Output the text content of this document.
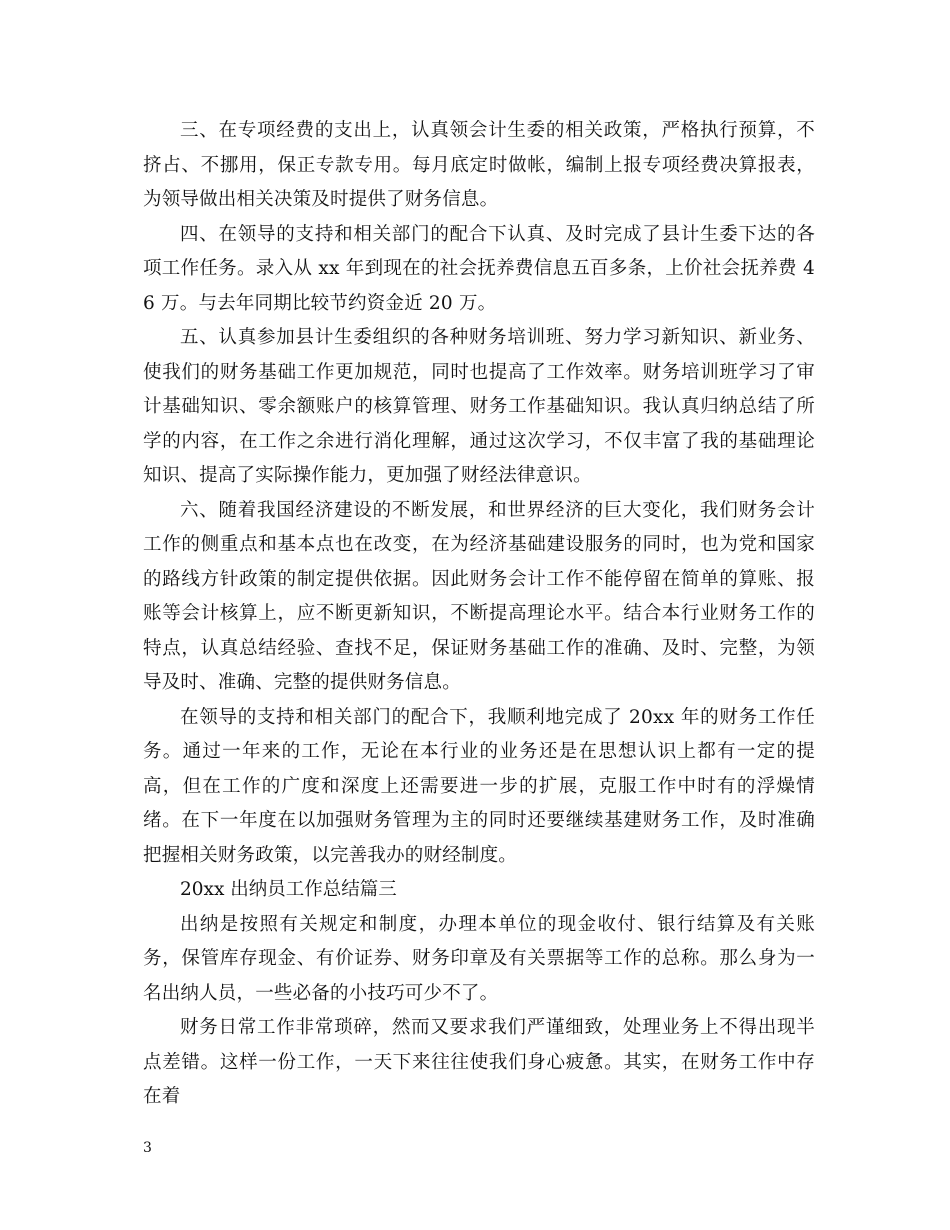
三、在专项经费的支出上，认真领会计生委的相关政策，严格执行预算，不挤占、不挪用，保正专款专用。每月底定时做帐，编制上报专项经费决算报表，为领导做出相关决策及时提供了财务信息。

四、在领导的支持和相关部门的配合下认真、及时完成了县计生委下达的各项工作任务。录入从 xx 年到现在的社会抚养费信息五百多条，上价社会抚养费 46 万。与去年同期比较节约资金近 20 万。

五、认真参加县计生委组织的各种财务培训班、努力学习新知识、新业务、使我们的财务基础工作更加规范，同时也提高了工作效率。财务培训班学习了审计基础知识、零余额账户的核算管理、财务工作基础知识。我认真归纳总结了所学的内容，在工作之余进行消化理解，通过这次学习，不仅丰富了我的基础理论知识、提高了实际操作能力，更加强了财经法律意识。

六、随着我国经济建设的不断发展，和世界经济的巨大变化，我们财务会计工作的侧重点和基本点也在改变，在为经济基础建设服务的同时，也为党和国家的路线方针政策的制定提供依据。因此财务会计工作不能停留在简单的算账、报账等会计核算上，应不断更新知识，不断提高理论水平。结合本行业财务工作的特点，认真总结经验、查找不足，保证财务基础工作的准确、及时、完整，为领导及时、准确、完整的提供财务信息。

在领导的支持和相关部门的配合下，我顺利地完成了 20xx 年的财务工作任务。通过一年来的工作，无论在本行业的业务还是在思想认识上都有一定的提高，但在工作的广度和深度上还需要进一步的扩展，克服工作中时有的浮燥情绪。在下一年度在以加强财务管理为主的同时还要继续基建财务工作，及时准确把握相关财务政策，以完善我办的财经制度。

20xx 出纳员工作总结篇三

出纳是按照有关规定和制度，办理本单位的现金收付、银行结算及有关账务，保管库存现金、有价证券、财务印章及有关票据等工作的总称。那么身为一名出纳人员，一些必备的小技巧可少不了。

财务日常工作非常琐碎，然而又要求我们严谨细致，处理业务上不得出现半点差错。这样一份工作，一天下来往往使我们身心疲惫。其实，在财务工作中存在着

3
